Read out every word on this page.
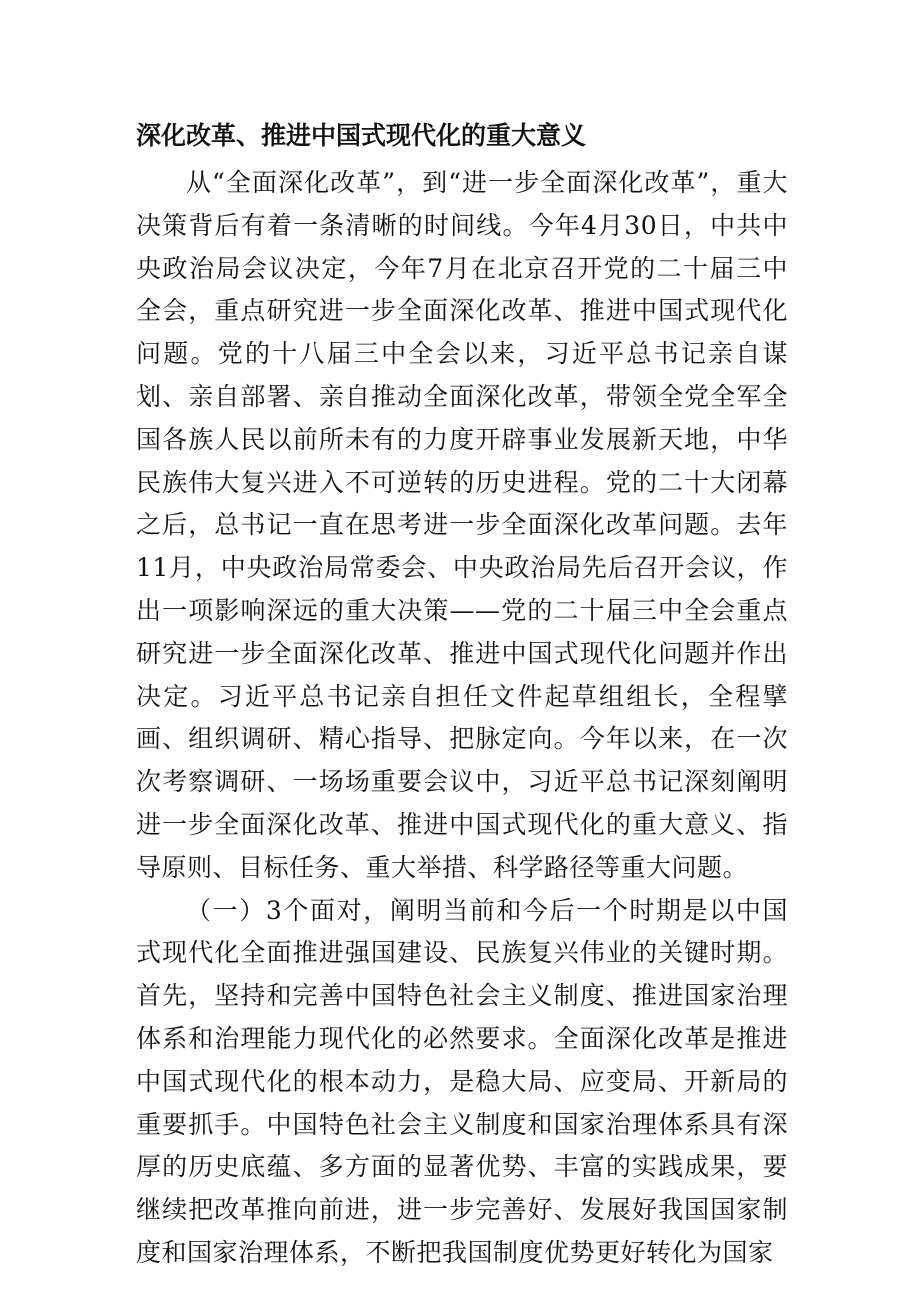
深化改革、推进中国式现代化的重大意义

从“全面深化改革”，到“进一步全面深化改革”，重大决策背后有着一条清晰的时间线。今年4月30日，中共中央政治局会议决定，今年7月在北京召开党的二十届三中全会，重点研究进一步全面深化改革、推进中国式现代化问题。党的十八届三中全会以来，习近平总书记亲自谋划、亲自部署、亲自推动全面深化改革，带领全党全军全国各族人民以前所未有的力度开辟事业发展新天地，中华民族伟大复兴进入不可逆转的历史进程。党的二十大闭幕之后，总书记一直在思考进一步全面深化改革问题。去年11月，中央政治局常委会、中央政治局先后召开会议，作出一项影响深远的重大决策——党的二十届三中全会重点研究进一步全面深化改革、推进中国式现代化问题并作出决定。习近平总书记亲自担任文件起草组组长，全程擘画、组织调研、精心指导、把脉定向。今年以来，在一次次考察调研、一场场重要会议中，习近平总书记深刻阐明进一步全面深化改革、推进中国式现代化的重大意义、指导原则、目标任务、重大举措、科学路径等重大问题。

（一）3个面对，阐明当前和今后一个时期是以中国式现代化全面推进强国建设、民族复兴伟业的关键时期。首先，坚持和完善中国特色社会主义制度、推进国家治理体系和治理能力现代化的必然要求。全面深化改革是推进中国式现代化的根本动力，是稳大局、应变局、开新局的重要抓手。中国特色社会主义制度和国家治理体系具有深厚的历史底蕴、多方面的显著优势、丰富的实践成果，要继续把改革推向前进，进一步完善好、发展好我国国家制度和国家治理体系，不断把我国制度优势更好转化为国家
